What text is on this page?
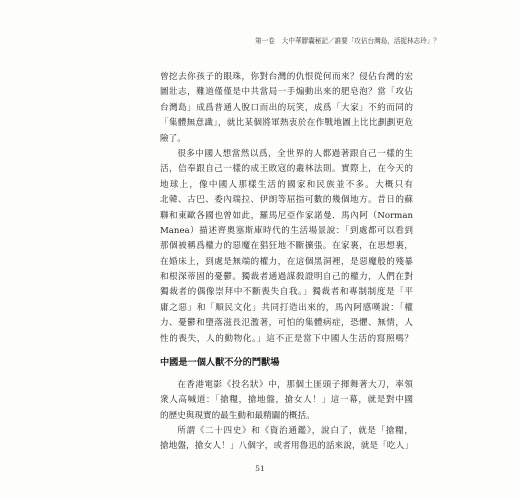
第一卷 大中華膠囊秘記／誰要「攻佔台灣島，活捉林志玲」？
曾挖去你孩子的眼珠，你對台灣的仇恨從何而來？侵佔台灣的宏
圖壯志，難道僅僅是中共當局一手煽動出來的肥皂泡？當「攻佔
台灣島」成爲普通人脫口而出的玩笑，成爲「大家」不約而同的
「集體無意識」，就比某個將軍熱衷於在作戰地圖上比比劃劃更危
險了。
很多中國人想當然以爲，全世界的人都過著跟自己一樣的生
活，信奉跟自己一樣的成王敗寇的叢林法則。實際上，在今天的
地球上，像中國人那樣生活的國家和民族並不多。大概只有
北韓、古巴、委內瑞拉、伊朗等屈指可數的幾個地方。昔日的蘇
聯和東歐各國也曾如此，羅馬尼亞作家諾曼．馬內阿（Norman
Manea）描述齊奧塞斯庫時代的生活場景說：「到處都可以看到
那個被稱爲權力的惡魔在猖狂地不斷擴張。在家裏，在思想裏，
在婚床上，到處是無端的權力，在這個黑洞裡，是惡魔般的殘暴
和根深蒂固的憂鬱。獨裁者通過謀殺證明自己的權力，人們在對
獨裁者的偶像崇拜中不斷喪失自我。」獨裁者和專制制度是「平
庸之惡」和「順民文化」共同打造出來的，馬內阿感嘆說：「權
力、憂鬱和墮落滋長氾濫著，可怕的集體病症，恐懼、無情，人
性的喪失，人的動物化。」這不正是當下中國人生活的寫照嗎？
中國是一個人獸不分的鬥獸場
在香港電影《投名狀》中，那個土匪頭子揮舞著大刀，率領
衆人高喊道：「搶糧，搶地盤，搶女人！」這一幕，就是對中國
的歷史與現實的最生動和最精闢的概括。
所謂《二十四史》和《資治通鑑》，說白了，就是「搶糧，
搶地盤，搶女人！」八個字，或者用魯迅的話來說，就是「吃人」
51
